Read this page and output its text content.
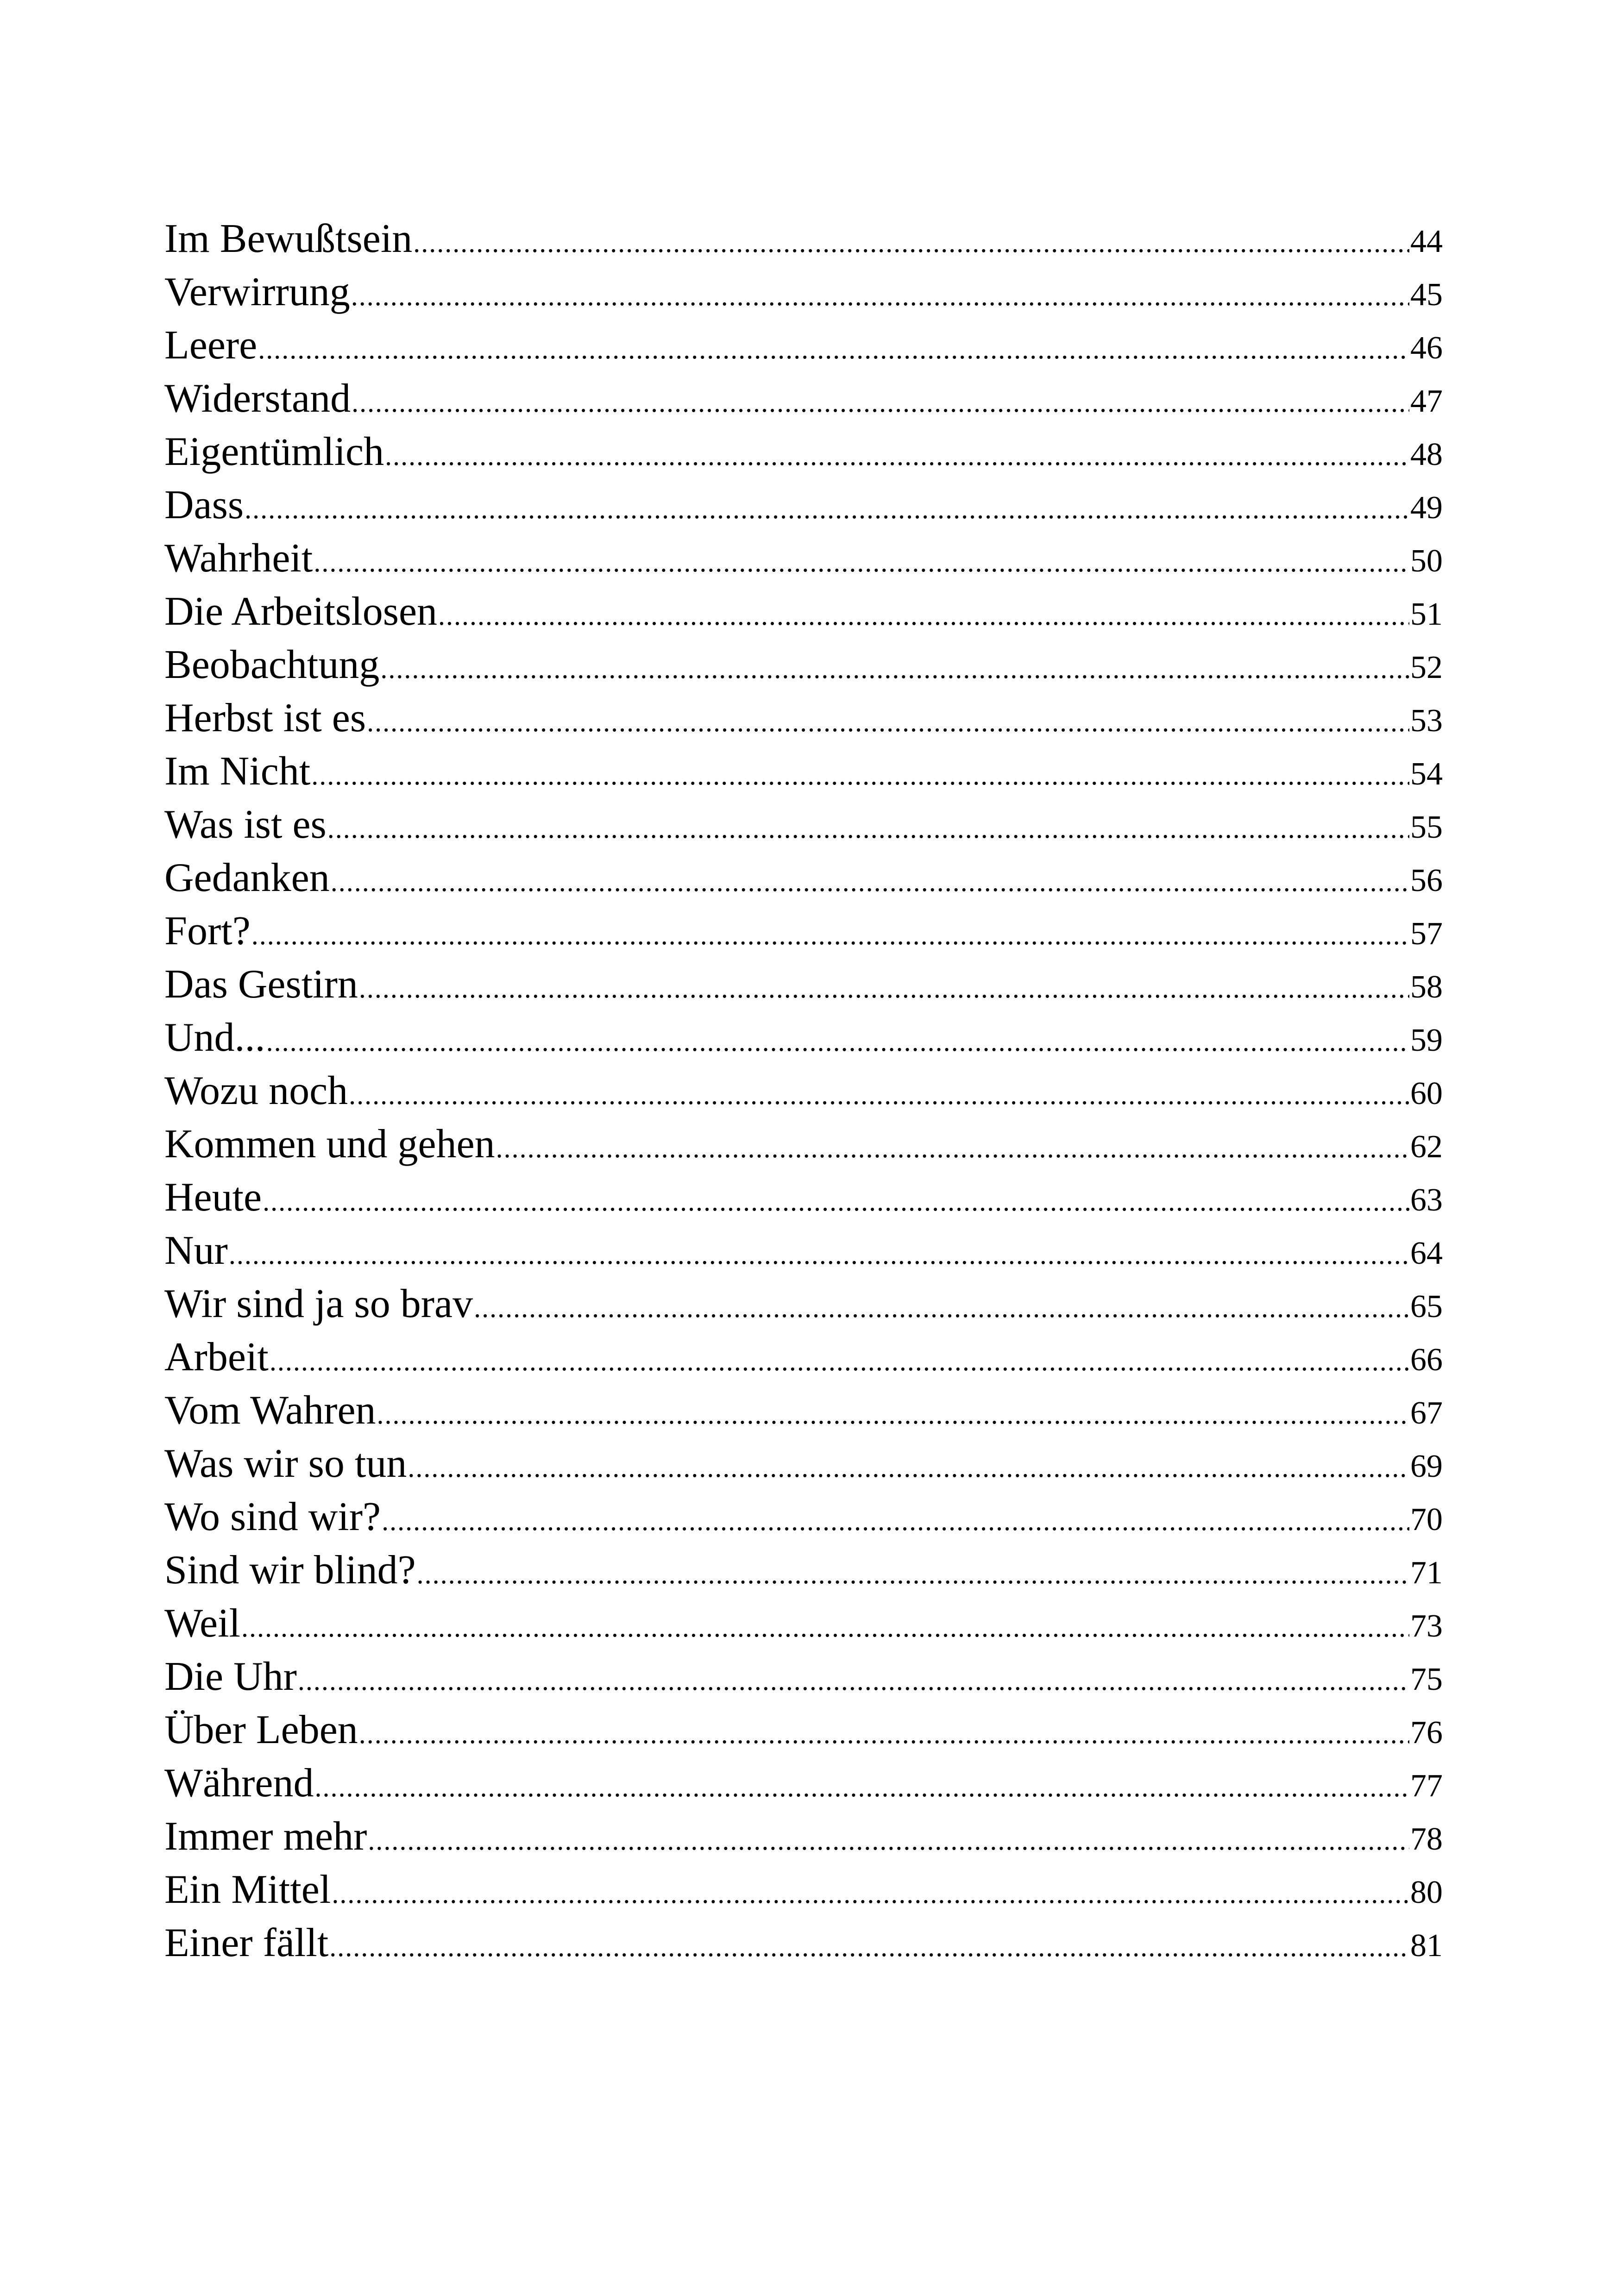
Im Bewußtsein .....	44
Verwirrung .....	45
Leere .....	46
Widerstand .....	47
Eigentümlich .....	48
Dass .....	49
Wahrheit .....	50
Die Arbeitslosen .....	51
Beobachtung .....	52
Herbst ist es .....	53
Im Nicht .....	54
Was ist es .....	55
Gedanken .....	56
Fort? .....	57
Das Gestirn .....	58
Und... .....	59
Wozu noch .....	60
Kommen und gehen .....	62
Heute .....	63
Nur .....	64
Wir sind ja so brav .....	65
Arbeit .....	66
Vom Wahren .....	67
Was wir so tun .....	69
Wo sind wir? .....	70
Sind wir blind? .....	71
Weil .....	73
Die Uhr .....	75
Über Leben .....	76
Während .....	77
Immer mehr .....	78
Ein Mittel .....	80
Einer fällt .....	81
